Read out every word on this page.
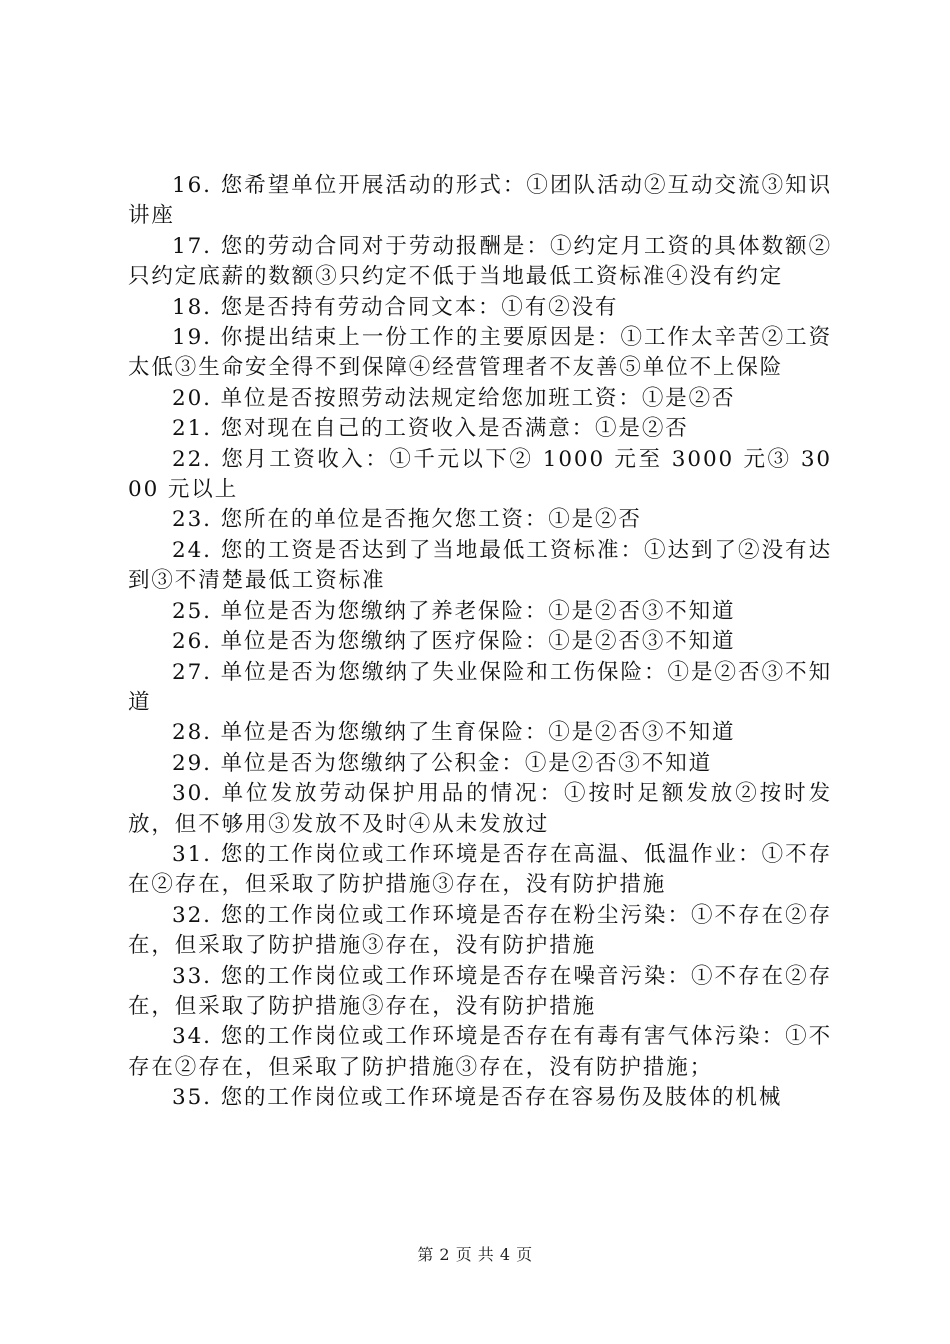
16. 您希望单位开展活动的形式：①团队活动②互动交流③知识讲座

17. 您的劳动合同对于劳动报酬是：①约定月工资的具体数额②只约定底薪的数额③只约定不低于当地最低工资标准④没有约定

18. 您是否持有劳动合同文本：①有②没有

19. 你提出结束上一份工作的主要原因是：①工作太辛苦②工资太低③生命安全得不到保障④经营管理者不友善⑤单位不上保险

20. 单位是否按照劳动法规定给您加班工资：①是②否

21. 您对现在自己的工资收入是否满意：①是②否

22. 您月工资收入：①千元以下② 1000 元至 3000 元③ 3000 元以上

23. 您所在的单位是否拖欠您工资：①是②否

24. 您的工资是否达到了当地最低工资标准：①达到了②没有达到③不清楚最低工资标准

25. 单位是否为您缴纳了养老保险：①是②否③不知道

26. 单位是否为您缴纳了医疗保险：①是②否③不知道

27. 单位是否为您缴纳了失业保险和工伤保险：①是②否③不知道

28. 单位是否为您缴纳了生育保险：①是②否③不知道

29. 单位是否为您缴纳了公积金：①是②否③不知道

30. 单位发放劳动保护用品的情况：①按时足额发放②按时发放，但不够用③发放不及时④从未发放过

31. 您的工作岗位或工作环境是否存在高温、低温作业：①不存在②存在，但采取了防护措施③存在，没有防护措施

32. 您的工作岗位或工作环境是否存在粉尘污染：①不存在②存在，但采取了防护措施③存在，没有防护措施

33. 您的工作岗位或工作环境是否存在噪音污染：①不存在②存在，但采取了防护措施③存在，没有防护措施

34. 您的工作岗位或工作环境是否存在有毒有害气体污染：①不存在②存在，但采取了防护措施③存在，没有防护措施；

35. 您的工作岗位或工作环境是否存在容易伤及肢体的机械

第 2 页 共 4 页
